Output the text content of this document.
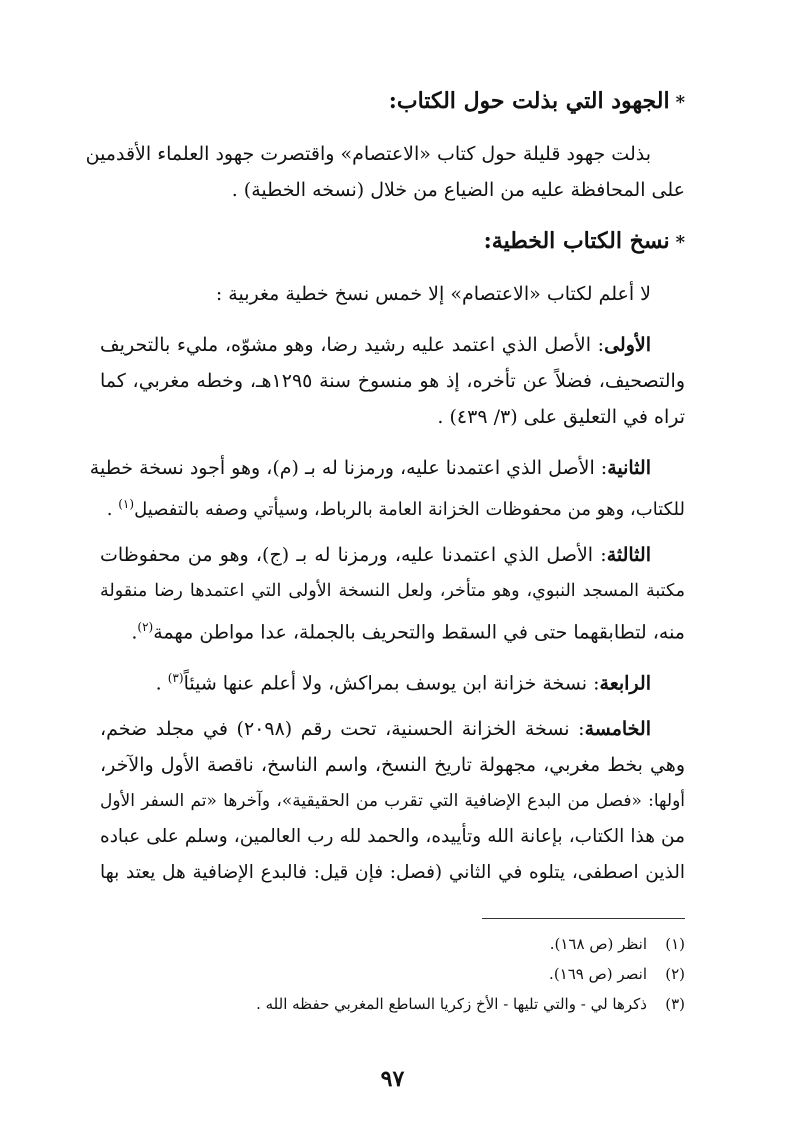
*الجهود التي بذلت حول الكتاب:
بذلت جهود قليلة حول كتاب «الاعتصام» واقتصرت جهود العلماء الأقدمين
على المحافظة عليه من الضياع من خلال (نسخه الخطية) .
*نسخ الكتاب الخطية:
لا أعلم لكتاب «الاعتصام» إلا خمس نسخ خطية مغربية :
الأولى: الأصل الذي اعتمد عليه رشيد رضا، وهو مشوّه، مليء بالتحريف
والتصحيف، فضلاً عن تأخره، إذ هو منسوخ سنة ١٢٩٥هـ، وخطه مغربي، كما
تراه في التعليق على (٣/ ٤٣٩) .
الثانية: الأصل الذي اعتمدنا عليه، ورمزنا له بـ (م)، وهو أجود نسخة خطية
للكتاب، وهو من محفوظات الخزانة العامة بالرباط، وسيأتي وصفه بالتفصيل$^{(١)}$ .
الثالثة: الأصل الذي اعتمدنا عليه، ورمزنا له بـ (ج)، وهو من محفوظات
مكتبة المسجد النبوي، وهو متأخر، ولعل النسخة الأولى التي اعتمدها رضا منقولة
منه، لتطابقهما حتى في السقط والتحريف بالجملة، عدا مواطن مهمة$^{(٢)}$.
الرابعة: نسخة خزانة ابن يوسف بمراكش، ولا أعلم عنها شيئاً$^{(٣)}$ .
الخامسة: نسخة الخزانة الحسنية، تحت رقم (٢٠٩٨) في مجلد ضخم،
وهي بخط مغربي، مجهولة تاريخ النسخ، واسم الناسخ، ناقصة الأول والآخر،
أولها: «فصل من البدع الإضافية التي تقرب من الحقيقية»، وآخرها «تم السفر الأول
من هذا الكتاب، بإعانة الله وتأييده، والحمد لله رب العالمين، وسلم على عباده
الذين اصطفى، يتلوه في الثاني (فصل: فإن قيل: فالبدع الإضافية هل يعتد بها
(١)انظر (ص ١٦٨).
(٢)انصر (ص ١٦٩).
(٣)ذكرها لي - والتي تليها - الأخ زكريا الساطع المغربي حفظه الله .
٩٧
